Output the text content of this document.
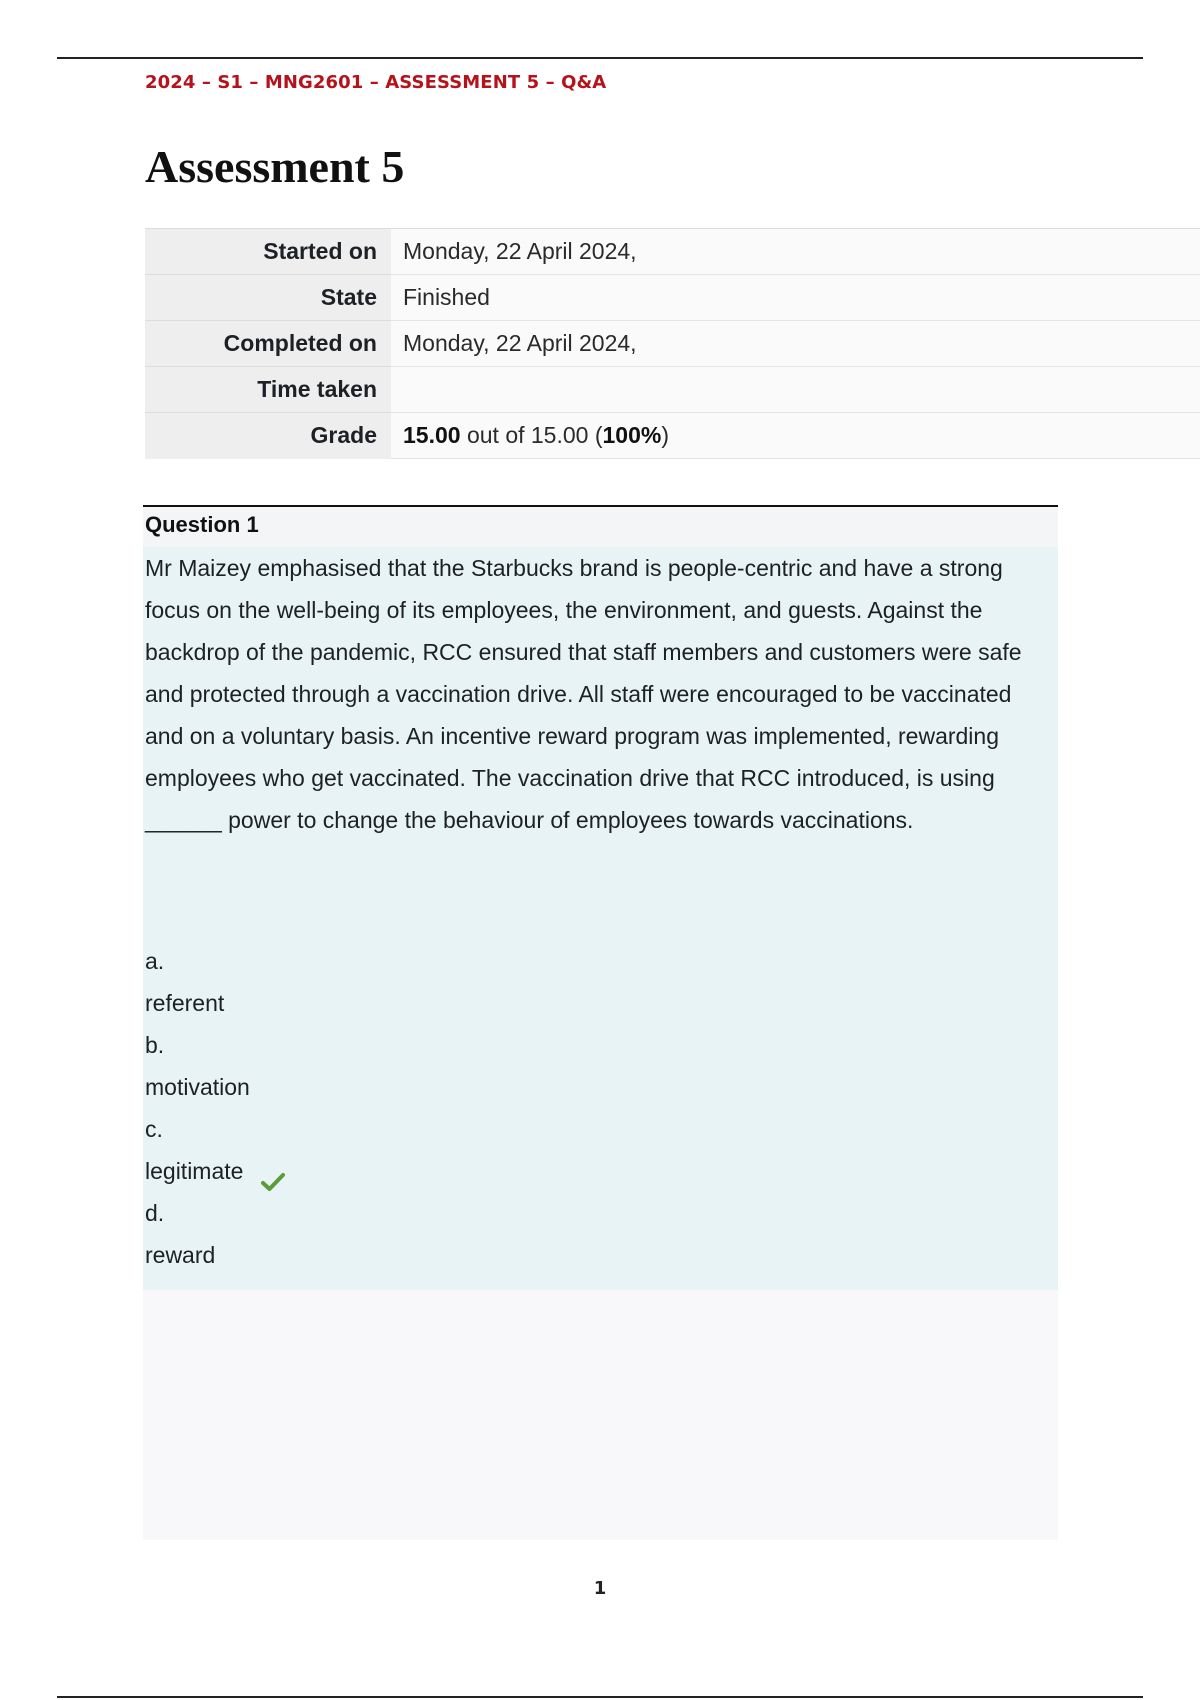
2024 – S1 – MNG2601 – ASSESSMENT 5 – Q&A
Assessment 5
Started on	Monday, 22 April 2024,
State	Finished
Completed on	Monday, 22 April 2024,
Time taken	
Grade	15.00 out of 15.00 (100%)
Question 1

Mr Maizey emphasised that the Starbucks brand is people-centric and have a strong focus on the well-being of its employees, the environment, and guests. Against the backdrop of the pandemic, RCC ensured that staff members and customers were safe and protected through a vaccination drive. All staff were encouraged to be vaccinated and on a voluntary basis. An incentive reward program was implemented, rewarding employees who get vaccinated. The vaccination drive that RCC introduced, is using ______ power to change the behaviour of employees towards vaccinations.

a.
referent
b.
motivation
c.
legitimate
d.
reward
1
